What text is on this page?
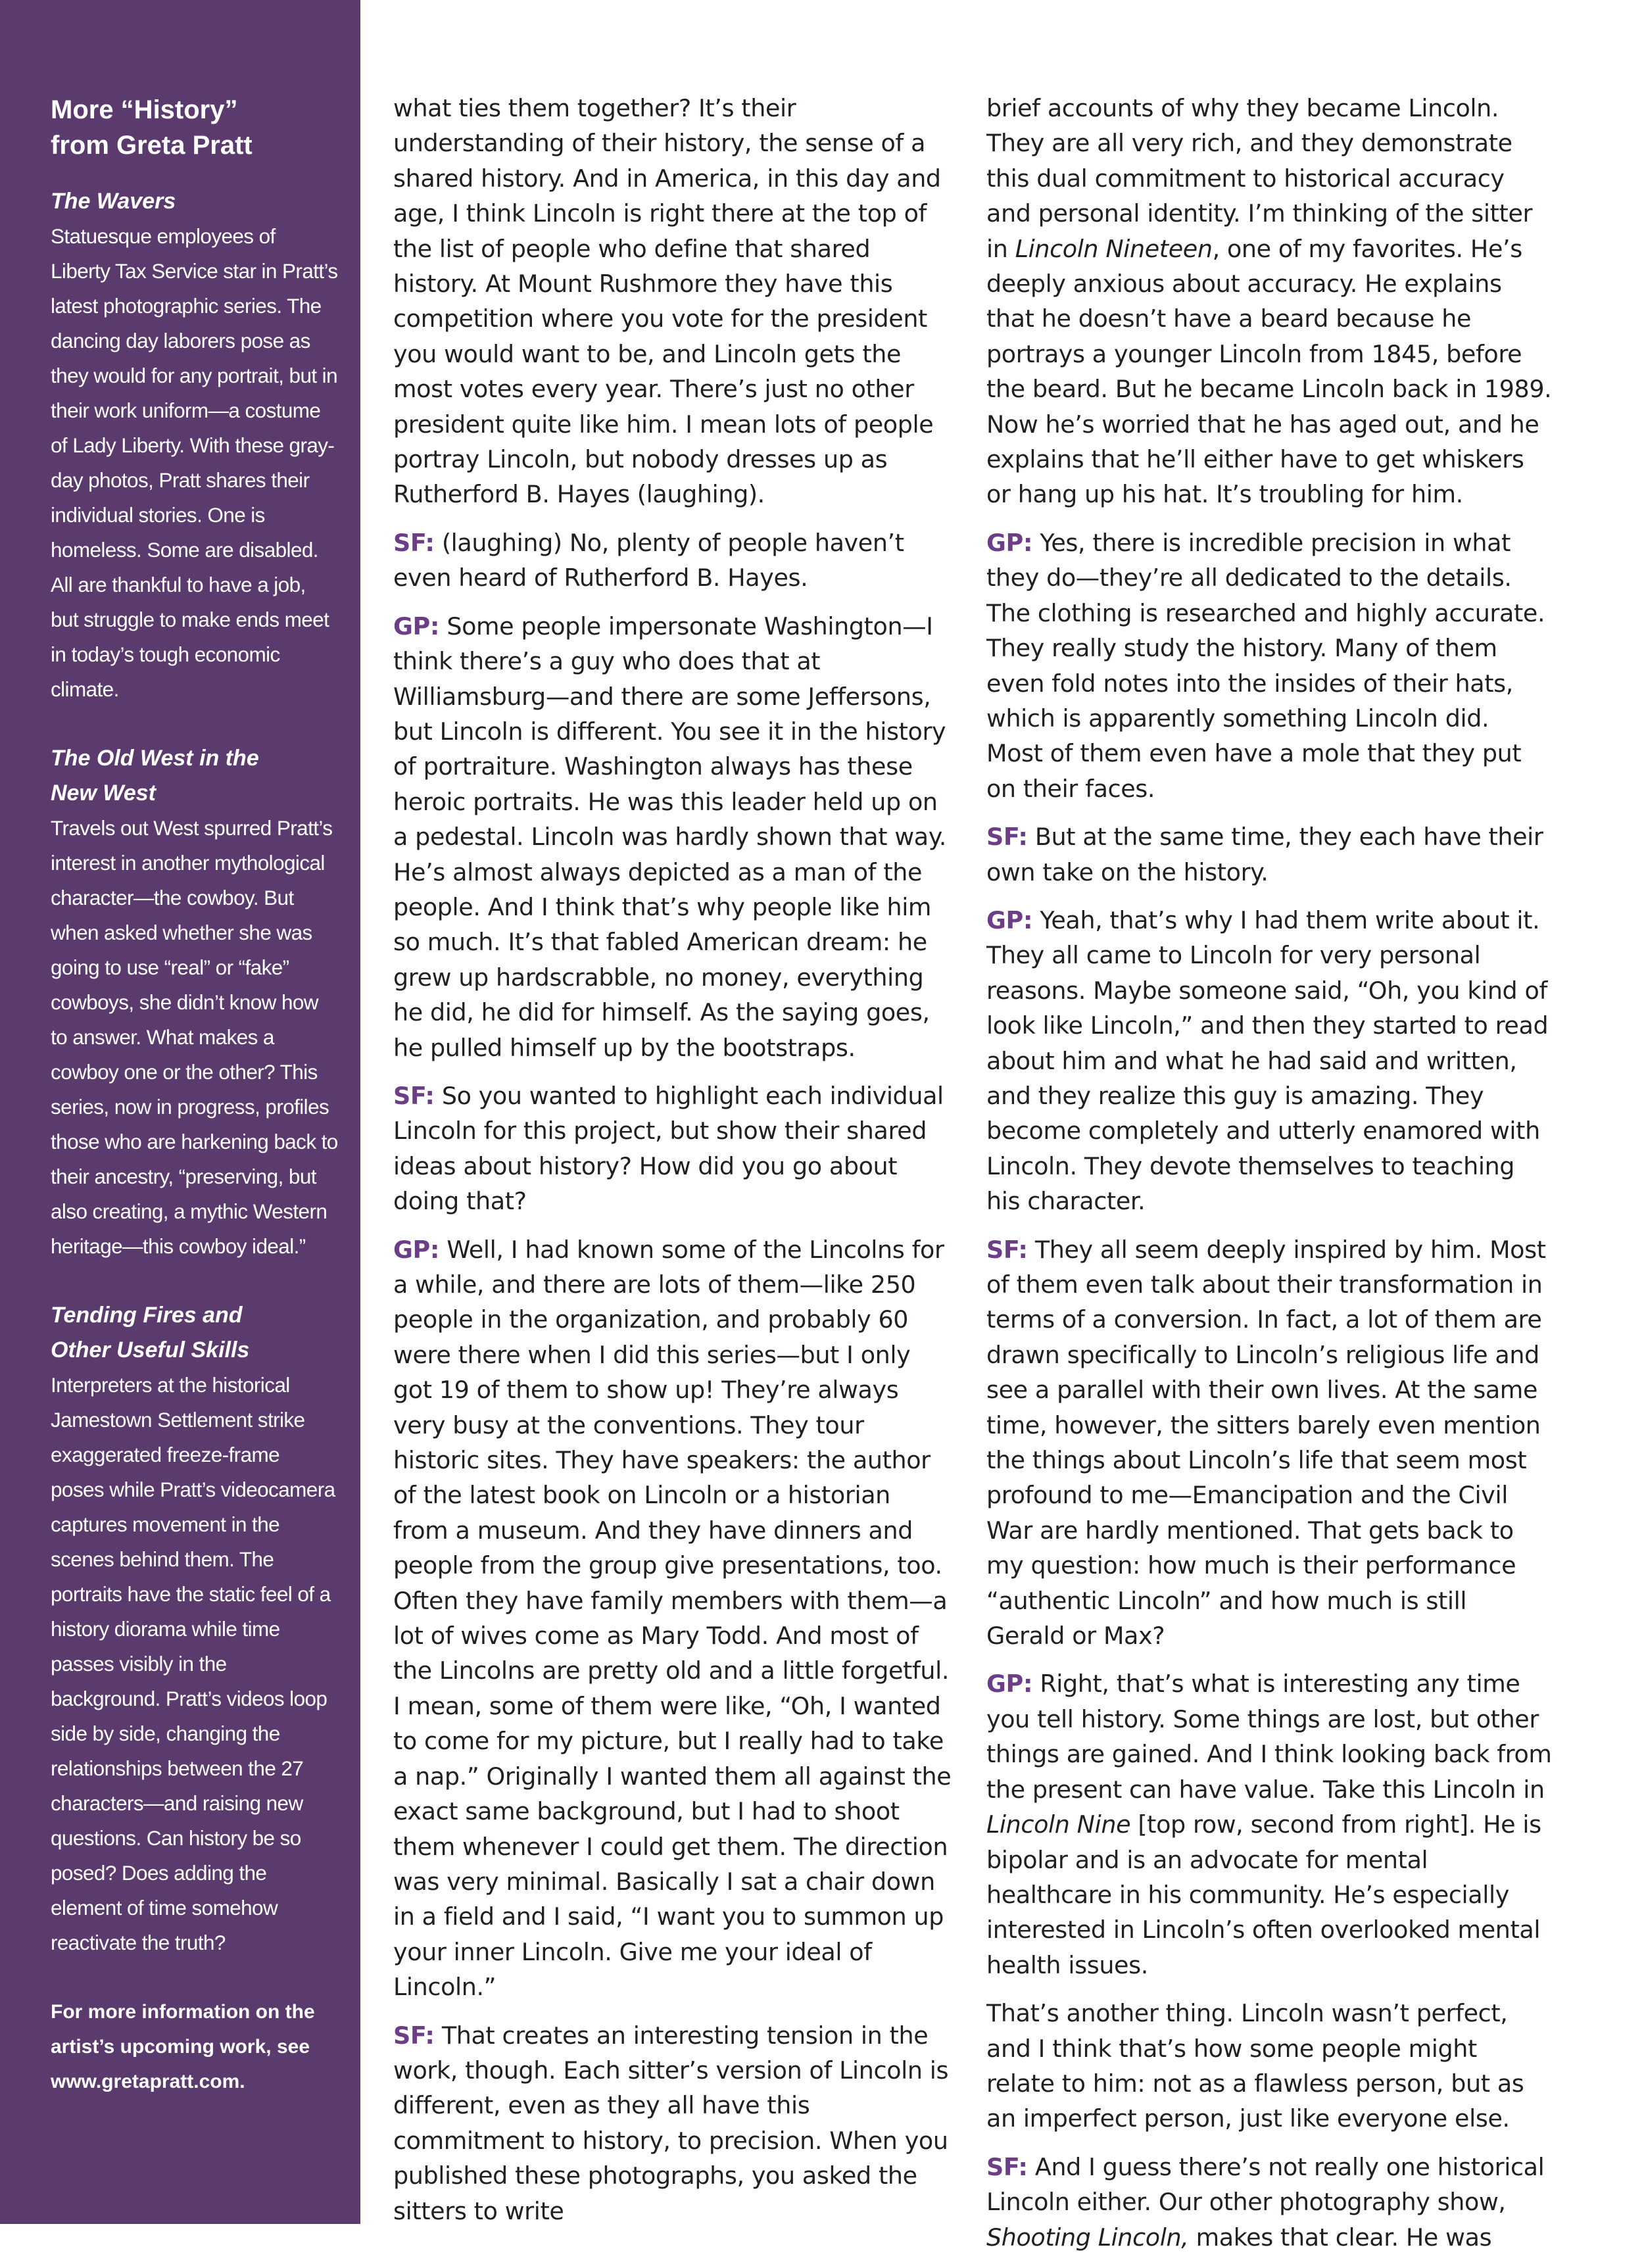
More “History”
from Greta Pratt
The Wavers
Statuesque employees of Liberty Tax Service star in Pratt’s latest photographic series. The dancing day laborers pose as they would for any portrait, but in their work uniform—a costume of Lady Liberty. With these gray-day photos, Pratt shares their individual stories. One is homeless. Some are disabled. All are thankful to have a job, but struggle to make ends meet in today’s tough economic climate.
The Old West in the
New West
Travels out West spurred Pratt’s interest in another mythological character—the cowboy. But when asked whether she was going to use “real” or “fake” cowboys, she didn’t know how to answer. What makes a cowboy one or the other? This series, now in progress, profiles those who are harkening back to their ancestry, “preserving, but also creating, a mythic Western heritage—this cowboy ideal.”
Tending Fires and
Other Useful Skills
Interpreters at the historical Jamestown Settlement strike exaggerated freeze-frame poses while Pratt’s videocamera captures movement in the scenes behind them. The portraits have the static feel of a history diorama while time passes visibly in the background. Pratt’s videos loop side by side, changing the relationships between the 27 characters—and raising new questions. Can history be so posed? Does adding the element of time somehow reactivate the truth?
For more information on the artist’s upcoming work, see www.gretapratt.com.

what ties them together? It’s their understanding of their history, the sense of a shared history. And in America, in this day and age, I think Lincoln is right there at the top of the list of people who define that shared history. At Mount Rushmore they have this competition where you vote for the president you would want to be, and Lincoln gets the most votes every year. There’s just no other president quite like him. I mean lots of people portray Lincoln, but nobody dresses up as Rutherford B. Hayes (laughing).

SF: (laughing) No, plenty of people haven’t even heard of Rutherford B. Hayes.

GP: Some people impersonate Washington—I think there’s a guy who does that at Williamsburg—and there are some Jeffersons, but Lincoln is different. You see it in the history of portraiture. Washington always has these heroic portraits. He was this leader held up on a pedestal. Lincoln was hardly shown that way. He’s almost always depicted as a man of the people. And I think that’s why people like him so much. It’s that fabled American dream: he grew up hardscrabble, no money, everything he did, he did for himself. As the saying goes, he pulled himself up by the bootstraps.

SF: So you wanted to highlight each individual Lincoln for this project, but show their shared ideas about history? How did you go about doing that?

GP: Well, I had known some of the Lincolns for a while, and there are lots of them—like 250 people in the organization, and probably 60 were there when I did this series—but I only got 19 of them to show up! They’re always very busy at the conventions. They tour historic sites. They have speakers: the author of the latest book on Lincoln or a historian from a museum. And they have dinners and people from the group give presentations, too. Often they have family members with them—a lot of wives come as Mary Todd. And most of the Lincolns are pretty old and a little forgetful. I mean, some of them were like, “Oh, I wanted to come for my picture, but I really had to take a nap.” Originally I wanted them all against the exact same background, but I had to shoot them whenever I could get them. The direction was very minimal. Basically I sat a chair down in a field and I said, “I want you to summon up your inner Lincoln. Give me your ideal of Lincoln.”

SF: That creates an interesting tension in the work, though. Each sitter’s version of Lincoln is different, even as they all have this commitment to history, to precision. When you published these photographs, you asked the sitters to write

brief accounts of why they became Lincoln. They are all very rich, and they demonstrate this dual commitment to historical accuracy and personal identity. I’m thinking of the sitter in Lincoln Nineteen, one of my favorites. He’s deeply anxious about accuracy. He explains that he doesn’t have a beard because he portrays a younger Lincoln from 1845, before the beard. But he became Lincoln back in 1989. Now he’s worried that he has aged out, and he explains that he’ll either have to get whiskers or hang up his hat. It’s troubling for him.

GP: Yes, there is incredible precision in what they do—they’re all dedicated to the details. The clothing is researched and highly accurate. They really study the history. Many of them even fold notes into the insides of their hats, which is apparently something Lincoln did. Most of them even have a mole that they put on their faces.

SF: But at the same time, they each have their own take on the history.

GP: Yeah, that’s why I had them write about it. They all came to Lincoln for very personal reasons. Maybe someone said, “Oh, you kind of look like Lincoln,” and then they started to read about him and what he had said and written, and they realize this guy is amazing. They become completely and utterly enamored with Lincoln. They devote themselves to teaching his character.

SF: They all seem deeply inspired by him. Most of them even talk about their transformation in terms of a conversion. In fact, a lot of them are drawn specifically to Lincoln’s religious life and see a parallel with their own lives. At the same time, however, the sitters barely even mention the things about Lincoln’s life that seem most profound to me—Emancipation and the Civil War are hardly mentioned. That gets back to my question: how much is their performance “authentic Lincoln” and how much is still Gerald or Max?

GP: Right, that’s what is interesting any time you tell history. Some things are lost, but other things are gained. And I think looking back from the present can have value. Take this Lincoln in Lincoln Nine [top row, second from right]. He is bipolar and is an advocate for mental healthcare in his community. He’s especially interested in Lincoln’s often overlooked mental health issues.

That’s another thing. Lincoln wasn’t perfect, and I think that’s how some people might relate to him: not as a flawless person, but as an imperfect person, just like everyone else.

SF: And I guess there’s not really one historical Lincoln either. Our other photography show, Shooting Lincoln, makes that clear. He was
